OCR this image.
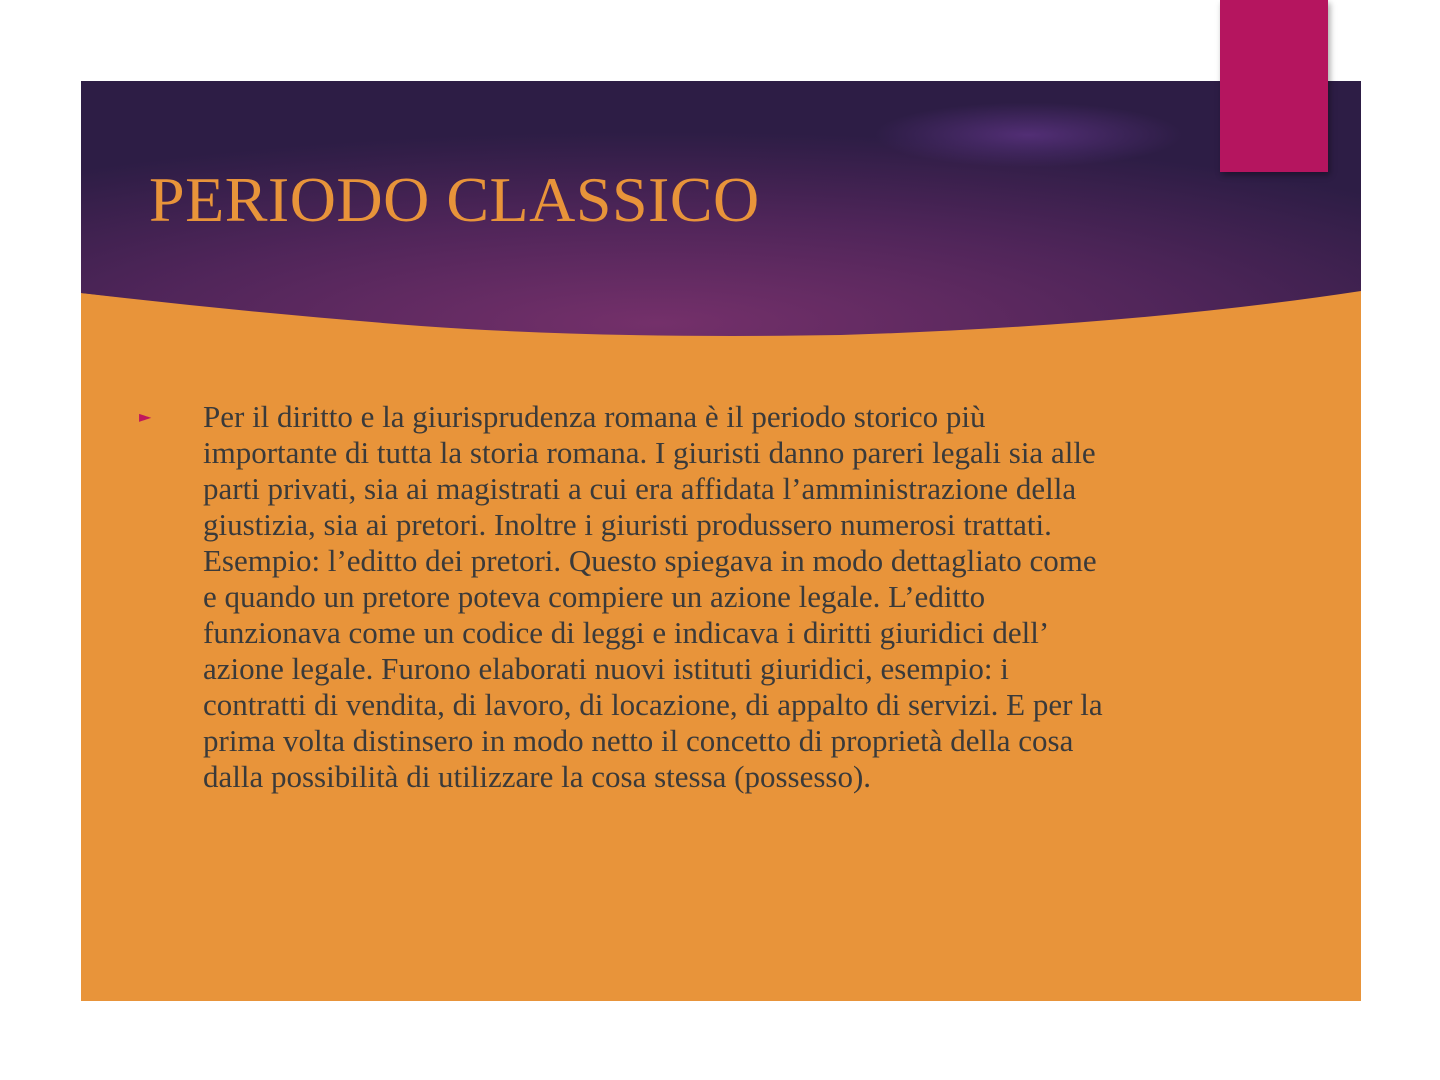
PERIODO CLASSICO
►	Per il diritto e la giurisprudenza romana è il periodo storico più importante di tutta la storia romana. I giuristi danno pareri legali sia alle parti privati, sia ai magistrati a cui era affidata l’amministrazione della giustizia, sia ai pretori. Inoltre i giuristi produssero numerosi trattati. Esempio: l’editto dei pretori. Questo spiegava in modo dettagliato come e quando un pretore poteva compiere un azione legale. L’editto funzionava come un codice di leggi e indicava i diritti giuridici dell’ azione legale. Furono elaborati nuovi istituti giuridici, esempio: i contratti di vendita, di lavoro, di locazione, di appalto di servizi. E per la prima volta distinsero in modo netto il concetto di proprietà della cosa dalla possibilità di utilizzare la cosa stessa (possesso).
